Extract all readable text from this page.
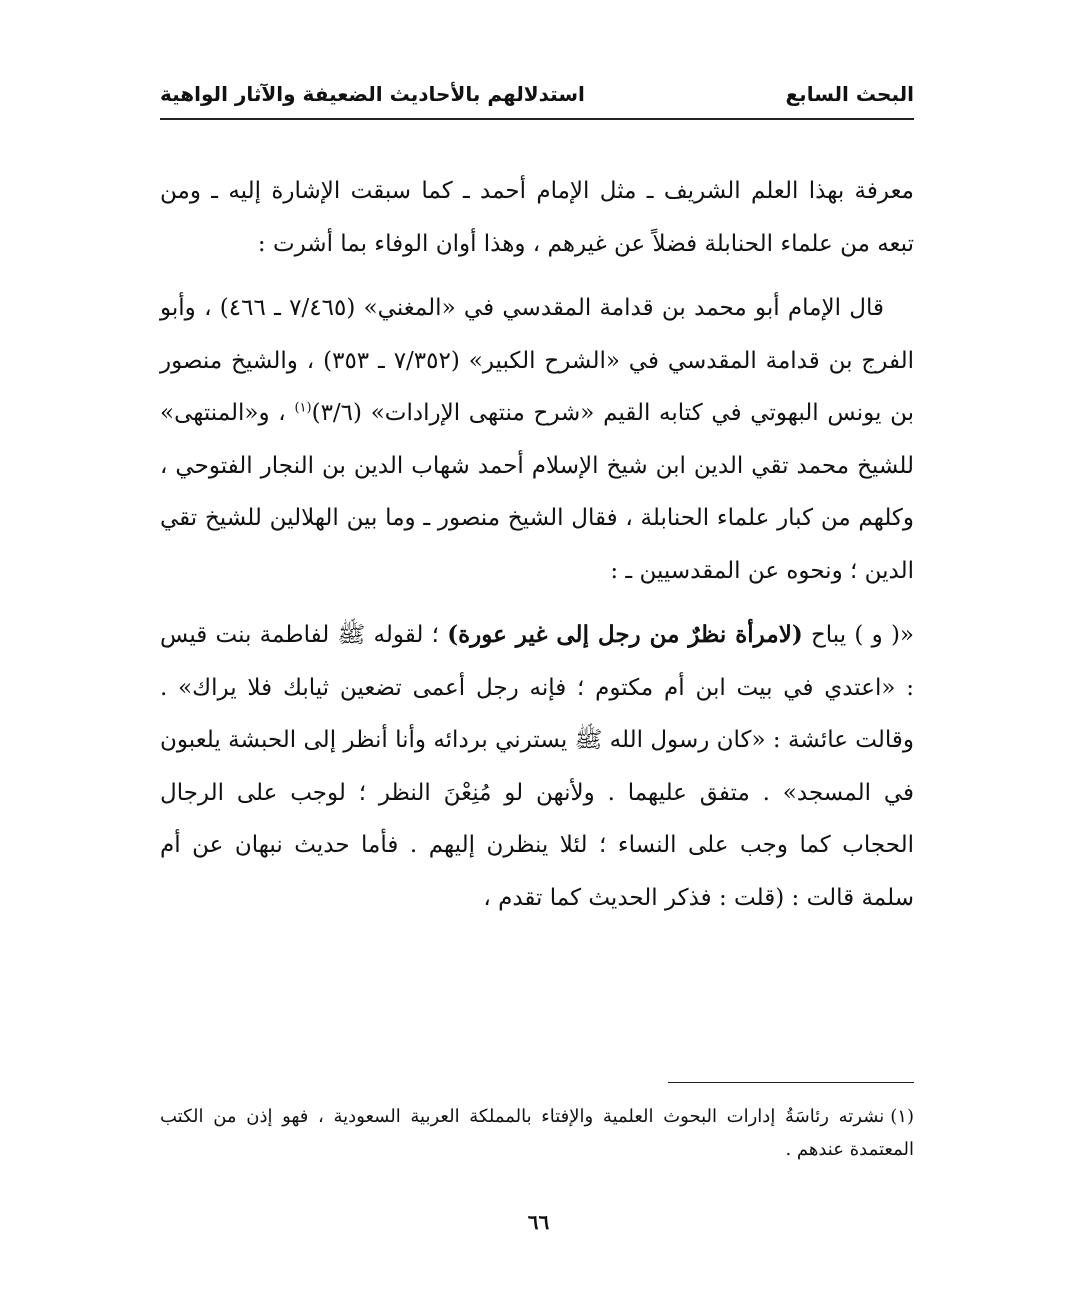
البحث السابع
استدلالهم بالأحاديث الضعيفة والآثار الواهية

معرفة بهذا العلم الشريف ـ مثل الإمام أحمد ـ كما سبقت الإشارة إليه ـ ومن تبعه من علماء الحنابلة فضلاً عن غيرهم ، وهذا أوان الوفاء بما أشرت :

قال الإمام أبو محمد بن قدامة المقدسي في «المغني» (٧/٤٦٥ ـ ٤٦٦) ، وأبو الفرج بن قدامة المقدسي في «الشرح الكبير» (٧/٣٥٢ ـ ٣٥٣) ، والشيخ منصور بن يونس البهوتي في كتابه القيم «شرح منتهى الإرادات» (٣/٦)$^{(١)}$ ، و«المنتهى» للشيخ محمد تقي الدين ابن شيخ الإسلام أحمد شهاب الدين بن النجار الفتوحي ، وكلهم من كبار علماء الحنابلة ، فقال الشيخ منصور ـ وما بين الهلالين للشيخ تقي الدين ؛ ونحوه عن المقدسيين ـ :

«( و ) يباح (لامرأة نظرٌ من رجل إلى غير عورة) ؛ لقوله ﷺ لفاطمة بنت قيس : «اعتدي في بيت ابن أم مكتوم ؛ فإنه رجل أعمى تضعين ثيابك فلا يراك» . وقالت عائشة : «كان رسول الله ﷺ يسترني بردائه وأنا أنظر إلى الحبشة يلعبون في المسجد» . متفق عليهما . ولأنهن لو مُنِعْنَ النظر ؛ لوجب على الرجال الحجاب كما وجب على النساء ؛ لئلا ينظرن إليهم . فأما حديث نبهان عن أم سلمة قالت : (قلت : فذكر الحديث كما تقدم ،

(١)نشرته رئاسَةُ إدارات البحوث العلمية والإفتاء بالمملكة العربية السعودية ، فهو إذن من الكتب المعتمدة عندهم .

٦٦
